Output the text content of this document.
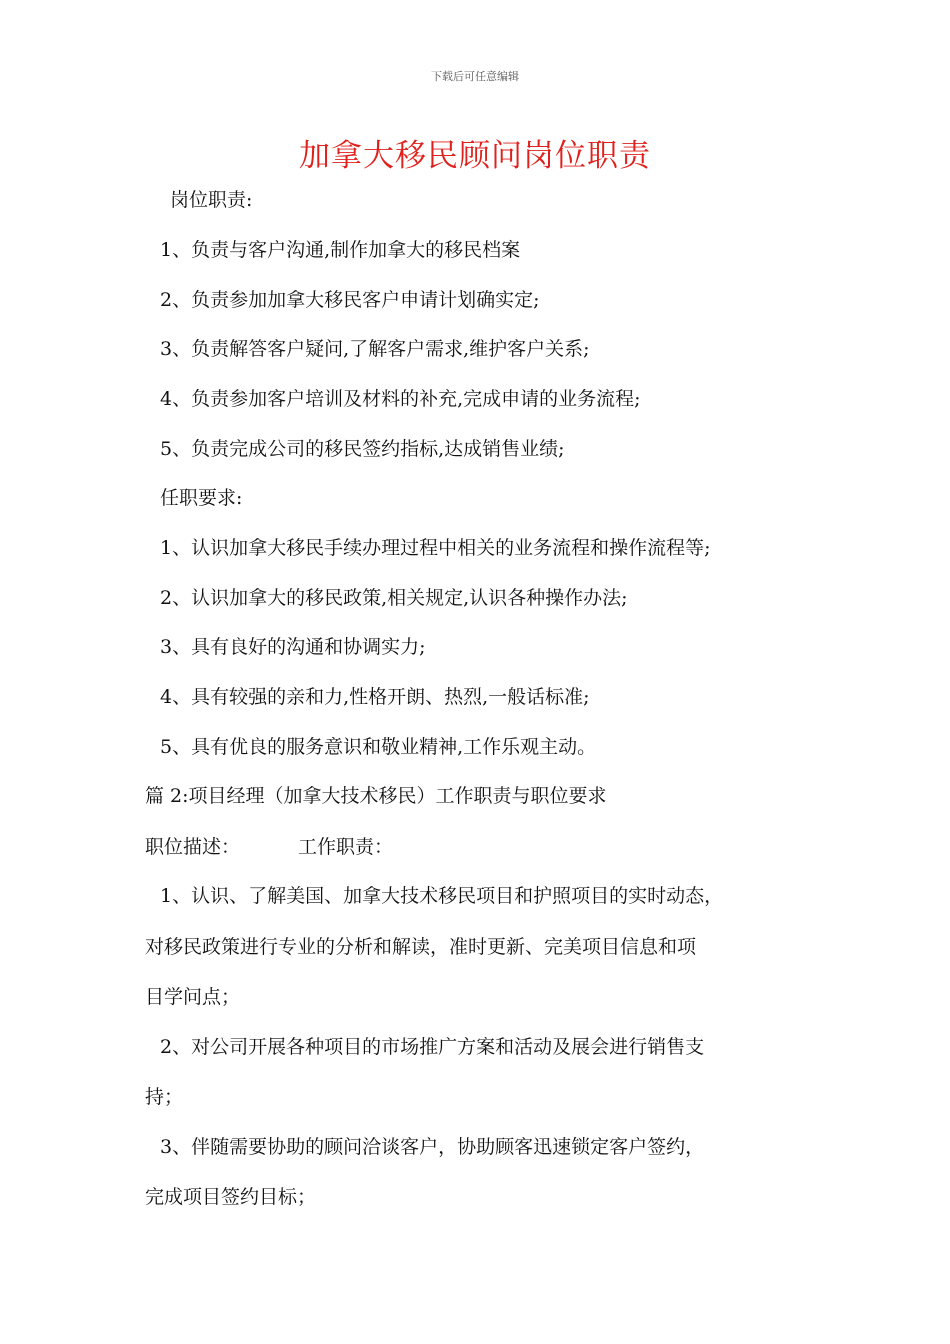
下载后可任意编辑
加拿大移民顾问岗位职责
岗位职责:
1、负责与客户沟通,制作加拿大的移民档案
2、负责参加加拿大移民客户申请计划确实定;
3、负责解答客户疑问,了解客户需求,维护客户关系;
4、负责参加客户培训及材料的补充,完成申请的业务流程;
5、负责完成公司的移民签约指标,达成销售业绩;
任职要求:
1、认识加拿大移民手续办理过程中相关的业务流程和操作流程等;
2、认识加拿大的移民政策,相关规定,认识各种操作办法;
3、具有良好的沟通和协调实力;
4、具有较强的亲和力,性格开朗、热烈,一般话标准;
5、具有优良的服务意识和敬业精神,工作乐观主动。
篇 2:项目经理（加拿大技术移民）工作职责与职位要求
职位描述：	工作职责：
1、认识、了解美国、加拿大技术移民项目和护照项目的实时动态，
对移民政策进行专业的分析和解读，准时更新、完美项目信息和项
目学问点；
2、对公司开展各种项目的市场推广方案和活动及展会进行销售支
持；
3、伴随需要协助的顾问洽谈客户，协助顾客迅速锁定客户签约，
完成项目签约目标；
